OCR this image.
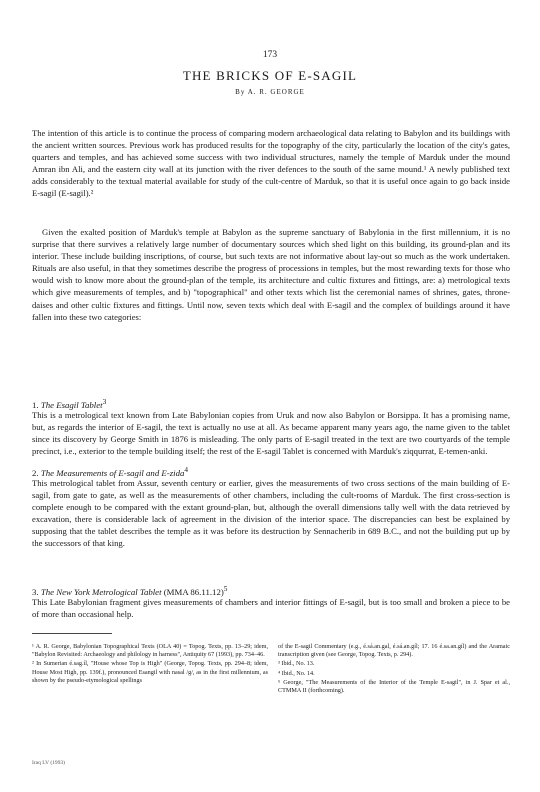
173
THE BRICKS OF E-SAGIL
By A. R. GEORGE
The intention of this article is to continue the process of comparing modern archaeological data relating to Babylon and its buildings with the ancient written sources. Previous work has produced results for the topography of the city, particularly the location of the city's gates, quarters and temples, and has achieved some success with two individual structures, namely the temple of Marduk under the mound Amran ibn Ali, and the eastern city wall at its junction with the river defences to the south of the same mound.¹ A newly published text adds considerably to the textual material available for study of the cult-centre of Marduk, so that it is useful once again to go back inside E-sagil (E-sagil).²
Given the exalted position of Marduk's temple at Babylon as the supreme sanctuary of Babylonia in the first millennium, it is no surprise that there survives a relatively large number of documentary sources which shed light on this building, its ground-plan and its interior. These include building inscriptions, of course, but such texts are not informative about lay-out so much as the work undertaken. Rituals are also useful, in that they sometimes describe the progress of processions in temples, but the most rewarding texts for those who would wish to know more about the ground-plan of the temple, its architecture and cultic fixtures and fittings, are: a) metrological texts which give measurements of temples, and b) "topographical" and other texts which list the ceremonial names of shrines, gates, throne-daises and other cultic fixtures and fittings. Until now, seven texts which deal with E-sagil and the complex of buildings around it have fallen into these two categories:
1. The Esagil Tablet$^3$
This is a metrological text known from Late Babylonian copies from Uruk and now also Babylon or Borsippa. It has a promising name, but, as regards the interior of E-sagil, the text is actually no use at all. As became apparent many years ago, the name given to the tablet since its discovery by George Smith in 1876 is misleading. The only parts of E-sagil treated in the text are two courtyards of the temple precinct, i.e., exterior to the temple building itself; the rest of the E-sagil Tablet is concerned with Marduk's ziqqurrat, E-temen-anki.
2. The Measurements of E-sagil and E-zida$^4$
This metrological tablet from Assur, seventh century or earlier, gives the measurements of two cross sections of the main building of E-sagil, from gate to gate, as well as the measurements of other chambers, including the cult-rooms of Marduk. The first cross-section is complete enough to be compared with the extant ground-plan, but, although the overall dimensions tally well with the data retrieved by excavation, there is considerable lack of agreement in the division of the interior space. The discrepancies can best be explained by supposing that the tablet describes the temple as it was before its destruction by Sennacherib in 689 B.C., and not the building put up by the successors of that king.
3. The New York Metrological Tablet (MMA 86.11.12)$^5$
This Late Babylonian fragment gives measurements of chambers and interior fittings of E-sagil, but is too small and broken a piece to be of more than occasional help.

¹ A. R. George, Babylonian Topographical Texts (OLA 40) = Topog. Texts, pp. 13–29; idem, "Babylon Revisited: Archaeology and philology in harness", Antiquity 67 (1993), pp. 734–46.

² In Sumerian é.sag.íl, "House whose Top is High" (George, Topog. Texts, pp. 294–8; idem, House Most High, pp. 139f.), pronounced Esangil with nasal /g/, as in the first millennium, as shown by the pseudo-etymological spellings

of the E-sagil Commentary (e.g., é.sá.an.gal, é.sá.an.gíl; 17. 16 é.sa.an.gíl) and the Aramaic transcription given (see George, Topog. Texts, p. 294).

³ Ibid., No. 13.

⁴ Ibid., No. 14.

⁵ George, "The Measurements of the Interior of the Temple E-sagil", in J. Spar et al., CTMMA II (forthcoming).

Iraq LV (1993)
